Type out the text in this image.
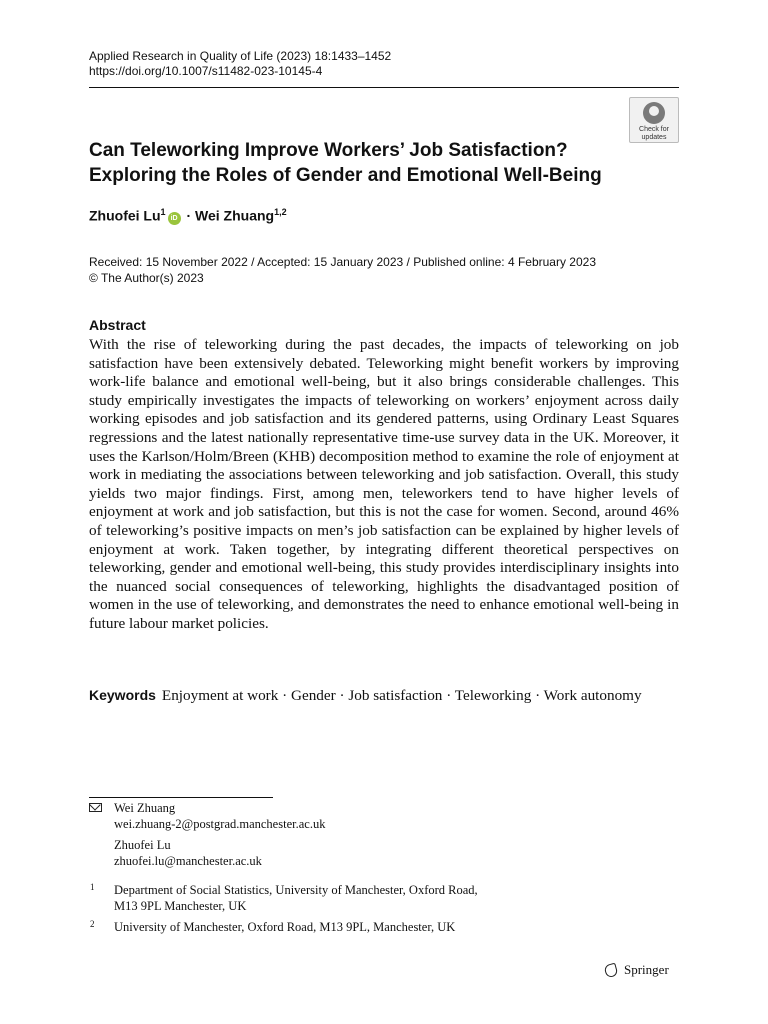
Applied Research in Quality of Life (2023) 18:1433–1452
https://doi.org/10.1007/s11482-023-10145-4
Check for
updates
Can Teleworking Improve Workers’ Job Satisfaction?
Exploring the Roles of Gender and Emotional Well-Being
Zhuofei $Lu^1iD$ · Wei Zhuang$^{1,2}$
Received: 15 November 2022 / Accepted: 15 January 2023 / Published online: 4 February 2023
© The Author(s) 2023
Abstract

With the rise of teleworking during the past decades, the impacts of teleworking on job satisfaction have been extensively debated. Teleworking might benefit workers by improving work-life balance and emotional well-being, but it also brings considerable challenges. This study empirically investigates the impacts of teleworking on workers’ enjoyment across daily working episodes and job satisfaction and its gendered patterns, using Ordinary Least Squares regressions and the latest nationally representative time-use survey data in the UK. Moreover, it uses the Karlson/Holm/Breen (KHB) decomposition method to examine the role of enjoyment at work in mediating the associations between teleworking and job satisfaction. Overall, this study yields two major findings. First, among men, teleworkers tend to have higher levels of enjoyment at work and job satisfaction, but this is not the case for women. Second, around 46% of teleworking’s positive impacts on men’s job satisfaction can be explained by higher levels of enjoyment at work. Taken together, by integrating different theoretical perspectives on teleworking, gender and emotional well-being, this study provides interdisciplinary insights into the nuanced social consequences of teleworking, highlights the disadvantaged position of women in the use of teleworking, and demonstrates the need to enhance emotional well-being in future labour market policies.

Keywords Enjoyment at work · Gender · Job satisfaction · Teleworking · Work autonomy
Wei Zhuang
wei.zhuang-2@postgrad.manchester.ac.uk
Zhuofei Lu
zhuofei.lu@manchester.ac.uk
1 Department of Social Statistics, University of Manchester, Oxford Road,
M13 9PL Manchester, UK
2 University of Manchester, Oxford Road, M13 9PL, Manchester, UK
Springer
